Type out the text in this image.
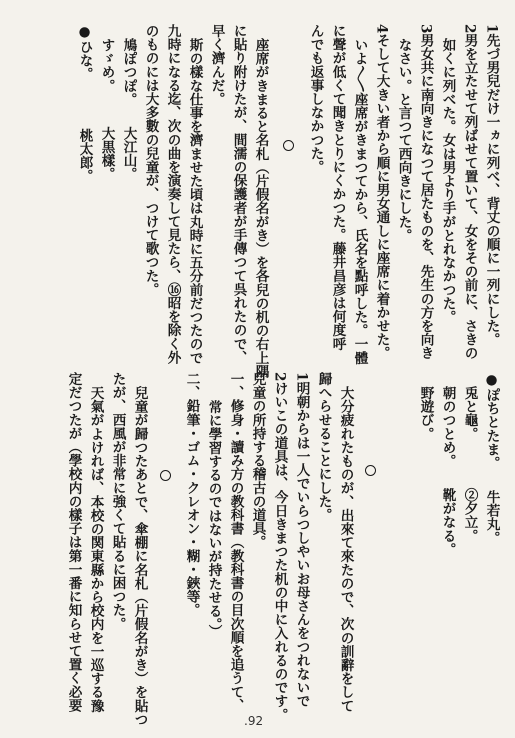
1先づ男兒だけ一ヵに列べ、背丈の順に一列にした。
2男を立たせて列ばせて置いて、女をその前に、さきの
如くに列べた。女は男より手がとれなかつた。
3男女共に南向きになつて居たものを、先生の方を向き
なさい。と言つて西向きにした。
4そして大きい者から順に男女通しに座席に着かせた。
いよ〱座席がきまつてから、氏名を點呼した。一體
に聲が低くて聞きとりにくかつた。藤井昌彦は何度呼
んでも返事しなかつた。
座席がきまると名札（片假名がき）を各兒の机の右上隅
に貼り附けたが、間濡の保護者が手傳つて呉れたので、
早く濟んだ。
斯の樣な仕事を濟ませた頃は丸時に五分前だつたので
九時になる迄、次の曲を演奏して見たら、⑯昭を除く外
のものには大多數の兒童が、つけて歌つた。
鳩ぽつぽ。　　大江山。
すゞめ。　　　大黒樣。
●ひな。　　　　桃太郎。
●ぽちとたま。　　牛若丸。
兎と龜。　　　　②夕立。
朝のつとめ。　　靴がなる。
野遊び。
大分疲れたものが、出來て來たので、次の訓辭をして
歸へらせることにした。
1明朝からは一人でいらつしやいお母さんをつれないで
2けいこの道具は、今日きまつた机の中に入れるのです。
兒童の所持する稽古の道具。
一、修身・讀み方の教科書（教科書の目次順を追うて、
常に學習するのではないが持たせる。）
二、鉛筆・ゴム・クレオン・糊・鋏等。
兒童が歸つたあとで、傘棚に名札（片假名がき）を貼つ
たが、西風が非常に強くて貼るに困つた。
天氣がよければ、本校の関東縣から校内を一巡する豫
定だつたが（學校内の樣子は第一番に知らせて置く必要
.92
